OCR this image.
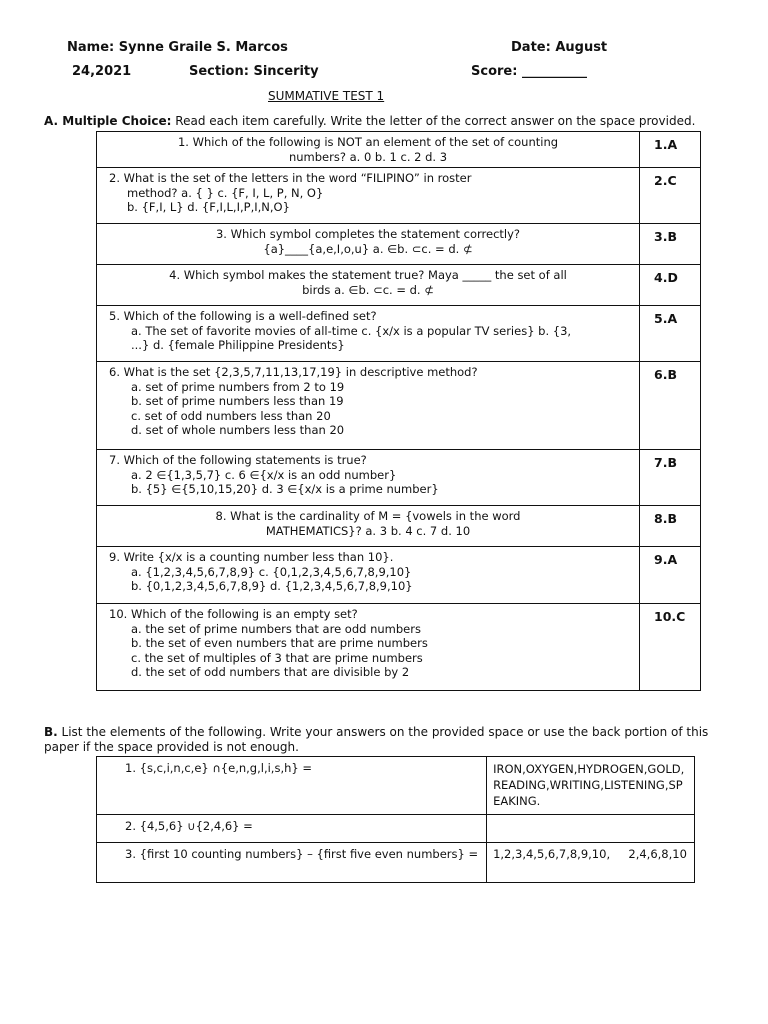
Name: Synne Graile S. Marcos	Date: August
24,2021	Section: Sincerity	Score: __________
SUMMATIVE TEST 1
A. Multiple Choice: Read each item carefully. Write the letter of the correct answer on the space provided.
1. Which of the following is NOT an element of the set of counting
numbers? a. 0 b. 1 c. 2 d. 3	1.A

2. What is the set of the letters in the word “FILIPINO” in roster
method? a. { } c. {F, I, L, P, N, O}
b. {F,I, L} d. {F,I,L,I,P,I,N,O}	2.C

3. Which symbol completes the statement correctly?
{a}____{a,e,I,o,u} a. ∈b. ⊂c. = d. ⊄	3.B

4. Which symbol makes the statement true? Maya _____ the set of all
birds a. ∈b. ⊂c. = d. ⊄	4.D

5. Which of the following is a well-defined set?
a. The set of favorite movies of all-time c. {x/x is a popular TV series} b. {3,
...} d. {female Philippine Presidents}	5.A

6. What is the set {2,3,5,7,11,13,17,19} in descriptive method?
a. set of prime numbers from 2 to 19
b. set of prime numbers less than 19
c. set of odd numbers less than 20
d. set of whole numbers less than 20	6.B

7. Which of the following statements is true?
a. 2 ∈{1,3,5,7} c. 6 ∈{x/x is an odd number}
b. {5} ∈{5,10,15,20} d. 3 ∈{x/x is a prime number}	7.B

8. What is the cardinality of M = {vowels in the word
MATHEMATICS}? a. 3 b. 4 c. 7 d. 10	8.B

9. Write {x/x is a counting number less than 10}.
a. {1,2,3,4,5,6,7,8,9} c. {0,1,2,3,4,5,6,7,8,9,10}
b. {0,1,2,3,4,5,6,7,8,9} d. {1,2,3,4,5,6,7,8,9,10}	9.A

10. Which of the following is an empty set?
a. the set of prime numbers that are odd numbers
b. the set of even numbers that are prime numbers
c. the set of multiples of 3 that are prime numbers
d. the set of odd numbers that are divisible by 2	10.C
B. List the elements of the following. Write your answers on the provided space or use the back portion of this
paper if the space provided is not enough.
1. {s,c,i,n,c,e} ∩{e,n,g,l,i,s,h} =	IRON,OXYGEN,HYDROGEN,GOLD,READING,WRITING,LISTENING,SPEAKING.
2. {4,5,6} ∪{2,4,6} =	
3. {first 10 counting numbers} – {first five even numbers} =	1,2,3,4,5,6,7,8,9,10,     2,4,6,8,10
